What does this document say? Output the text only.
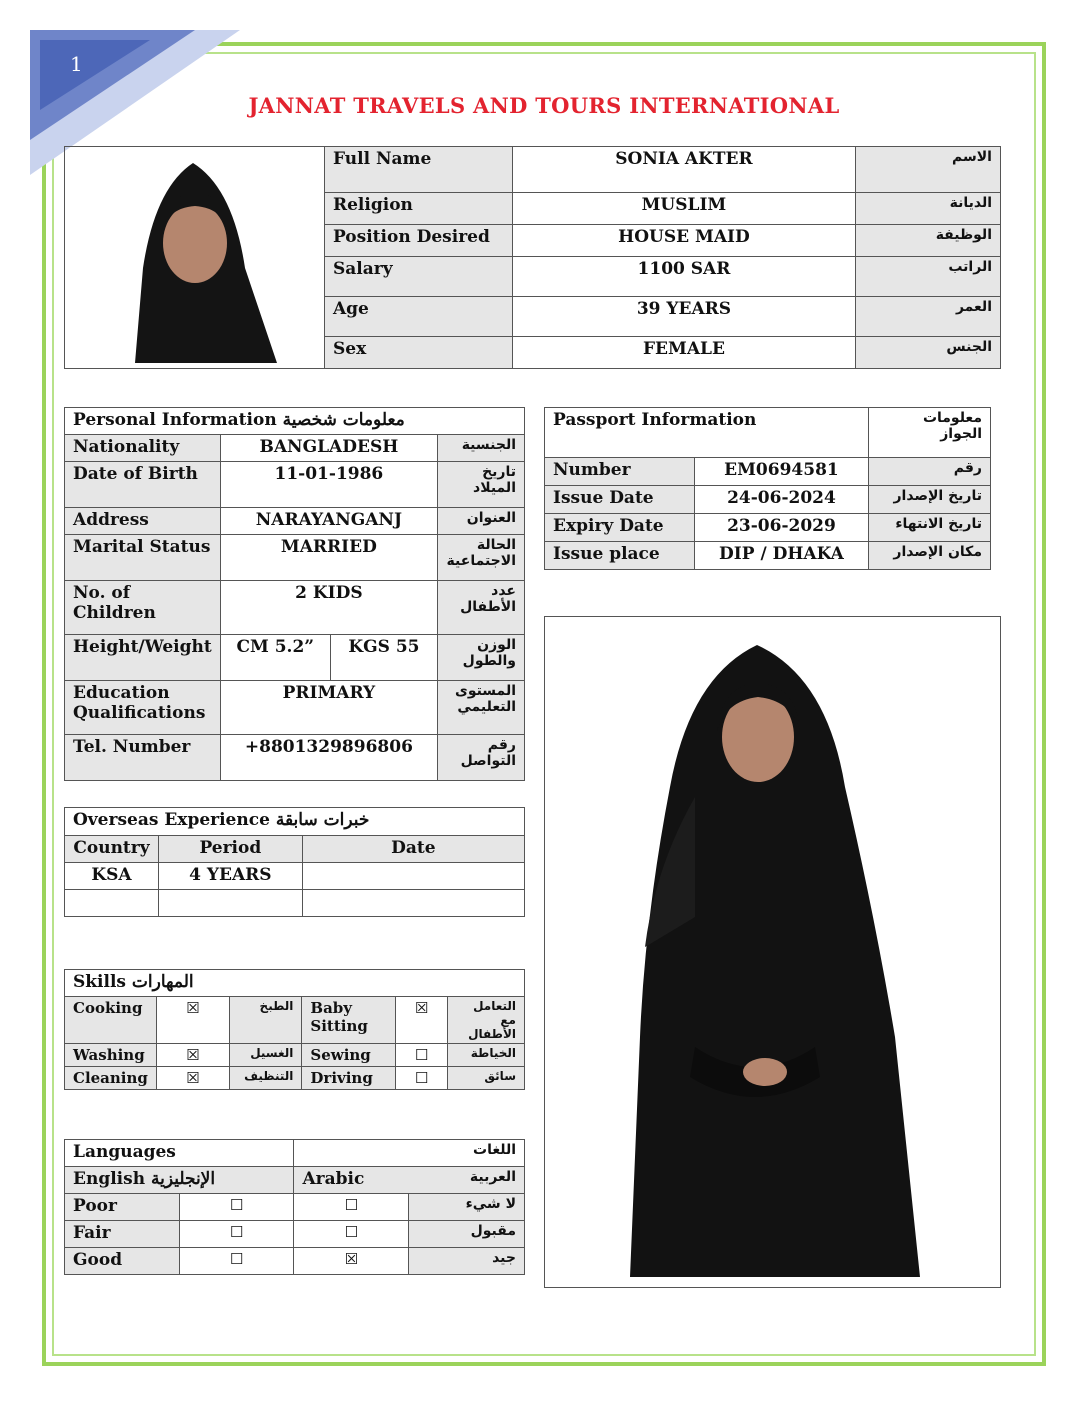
1
JANNAT TRAVELS AND TOURS INTERNATIONAL
	Full Name	SONIA AKTER	الاسم
	Religion	MUSLIM	الديانة
	Position Desired	HOUSE MAID	الوظيفة
	Salary	1100 SAR	الراتب
	Age	39 YEARS	العمر
	Sex	FEMALE	الجنس
Personal Information معلومات شخصية			
Nationality	BANGLADESH		الجنسية
Date of Birth	11-01-1986		تاريخ الميلاد
Address	NARAYANGANJ		العنوان
Marital Status	MARRIED		الحالة الاجتماعية
No. of Children	2 KIDS		عدد الأطفال
Height/Weight	CM 5.2”	KGS 55	الوزن والطول
Education Qualifications	PRIMARY		المستوى التعليمي
Tel. Number	+8801329896806		رقم التواصل
Passport Information		معلومات الجواز
Number	EM0694581	رقم
Issue Date	24-06-2024	تاريخ الإصدار
Expiry Date	23-06-2029	تاريخ الانتهاء
Issue place	DIP / DHAKA	مكان الإصدار
Overseas Experience خبرات سابقة		
Country	Period	Date
KSA	4 YEARS	

Skills المهارات					
Cooking	☒	الطبخ	Baby Sitting	☒	التعامل مع الأطفال
Washing	☒	الغسيل	Sewing	☐	الخياطة
Cleaning	☒	التنظيف	Driving	☐	سائق
Languages		اللغات	
English الإنجليزية		Arabic	العربية
Poor	☐	☐	لا شيء
Fair	☐	☐	مقبول
Good	☐	☒	جيد
